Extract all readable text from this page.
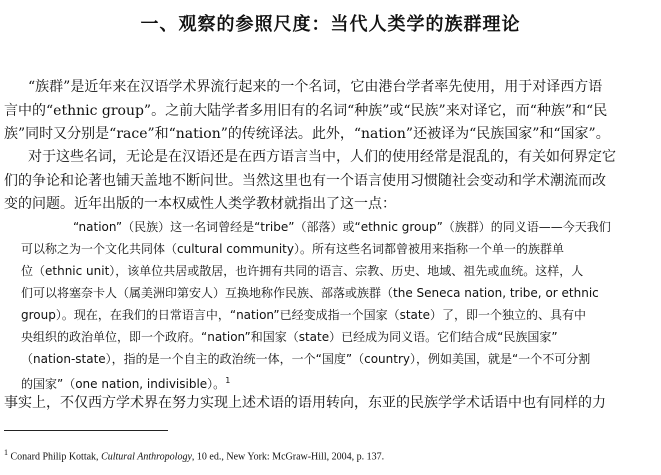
一、观察的参照尺度：当代人类学的族群理论
“族群”是近年来在汉语学术界流行起来的一个名词，它由港台学者率先使用，用于对译西方语
言中的“ethnic group”。之前大陆学者多用旧有的名词“种族”或“民族”来对译它，而“种族”和“民
族”同时又分别是“race”和“nation”的传统译法。此外，“nation”还被译为“民族国家”和“国家”。
对于这些名词，无论是在汉语还是在西方语言当中，人们的使用经常是混乱的，有关如何界定它
们的争论和论著也铺天盖地不断问世。当然这里也有一个语言使用习惯随社会变动和学术潮流而改
变的问题。近年出版的一本权威性人类学教材就指出了这一点：
“nation”（民族）这一名词曾经是“tribe”（部落）或“ethnic group”（族群）的同义语——今天我们
可以称之为一个文化共同体（cultural community）。所有这些名词都曾被用来指称一个单一的族群单
位（ethnic unit），该单位共居或散居，也许拥有共同的语言、宗教、历史、地域、祖先或血统。这样，人
们可以将塞奈卡人（属美洲印第安人）互换地称作民族、部落或族群（the Seneca nation, tribe, or ethnic
group）。现在，在我们的日常语言中，“nation”已经变成指一个国家（state）了，即一个独立的、具有中
央组织的政治单位，即一个政府。“nation”和国家（state）已经成为同义语。它们结合成“民族国家”
（nation-state），指的是一个自主的政治统一体，一个“国度”（country），例如美国，就是“一个不可分割
的国家”（one nation, indivisible）。$^1$
事实上，不仅西方学术界在努力实现上述术语的语用转向，东亚的民族学学术话语中也有同样的力
$^1$ Conard Philip Kottak, Cultural Anthropology, 10 ed., New York: McGraw-Hill, 2004, p. 137.
